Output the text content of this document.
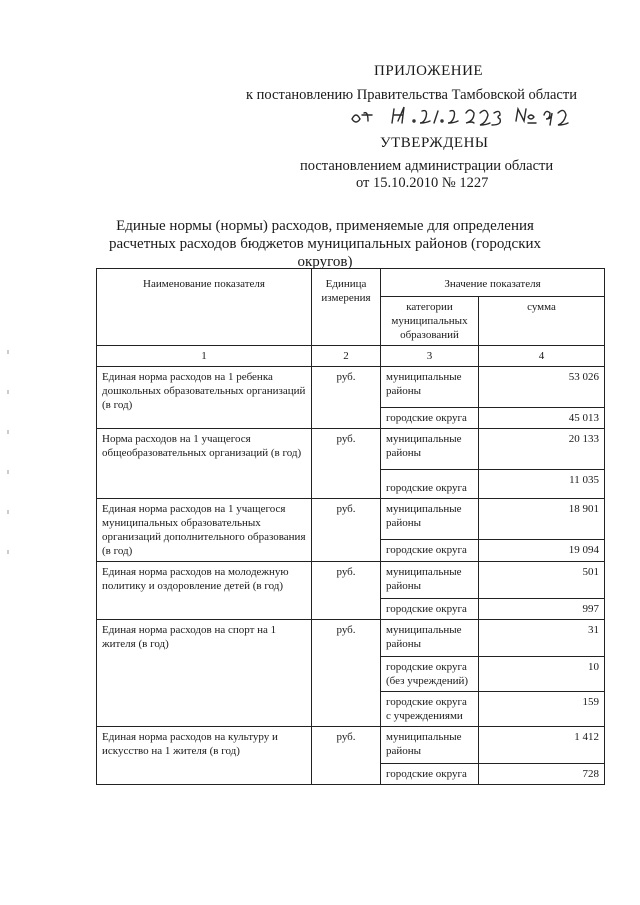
ПРИЛОЖЕНИЕ
к постановлению Правительства Тамбовской области
УТВЕРЖДЕНЫ
постановлением администрации области
от 15.10.2010 № 1227
Единые нормы (нормы) расходов, применяемые для определения расчетных расходов бюджетов муниципальных районов (городских округов)
Наименование показателя	Единица измерения	Значение показателя	
		категории муниципальных образований	сумма
1	2	3	4
Единая норма расходов на 1 ребенка дошкольных образовательных организаций (в год)	руб.	муниципальные районы	53 026
		городские округа	45 013
Норма расходов на 1 учащегося общеобразовательных организаций (в год)	руб.	муниципальные районы	20 133
		городские округа	11 035
Единая норма расходов на 1 учащегося муниципальных образовательных организаций дополнительного образования (в год)	руб.	муниципальные районы	18 901
		городские округа	19 094
Единая норма расходов на молодежную политику и оздоровление детей (в год)	руб.	муниципальные районы	501
		городские округа	997
Единая норма расходов на спорт на 1 жителя (в год)	руб.	муниципальные районы	31
		городские округа (без учреждений)	10
		городские округа с учреждениями	159
Единая норма расходов на культуру и искусство на 1 жителя (в год)	руб.	муниципальные районы	1 412
		городские округа	728
